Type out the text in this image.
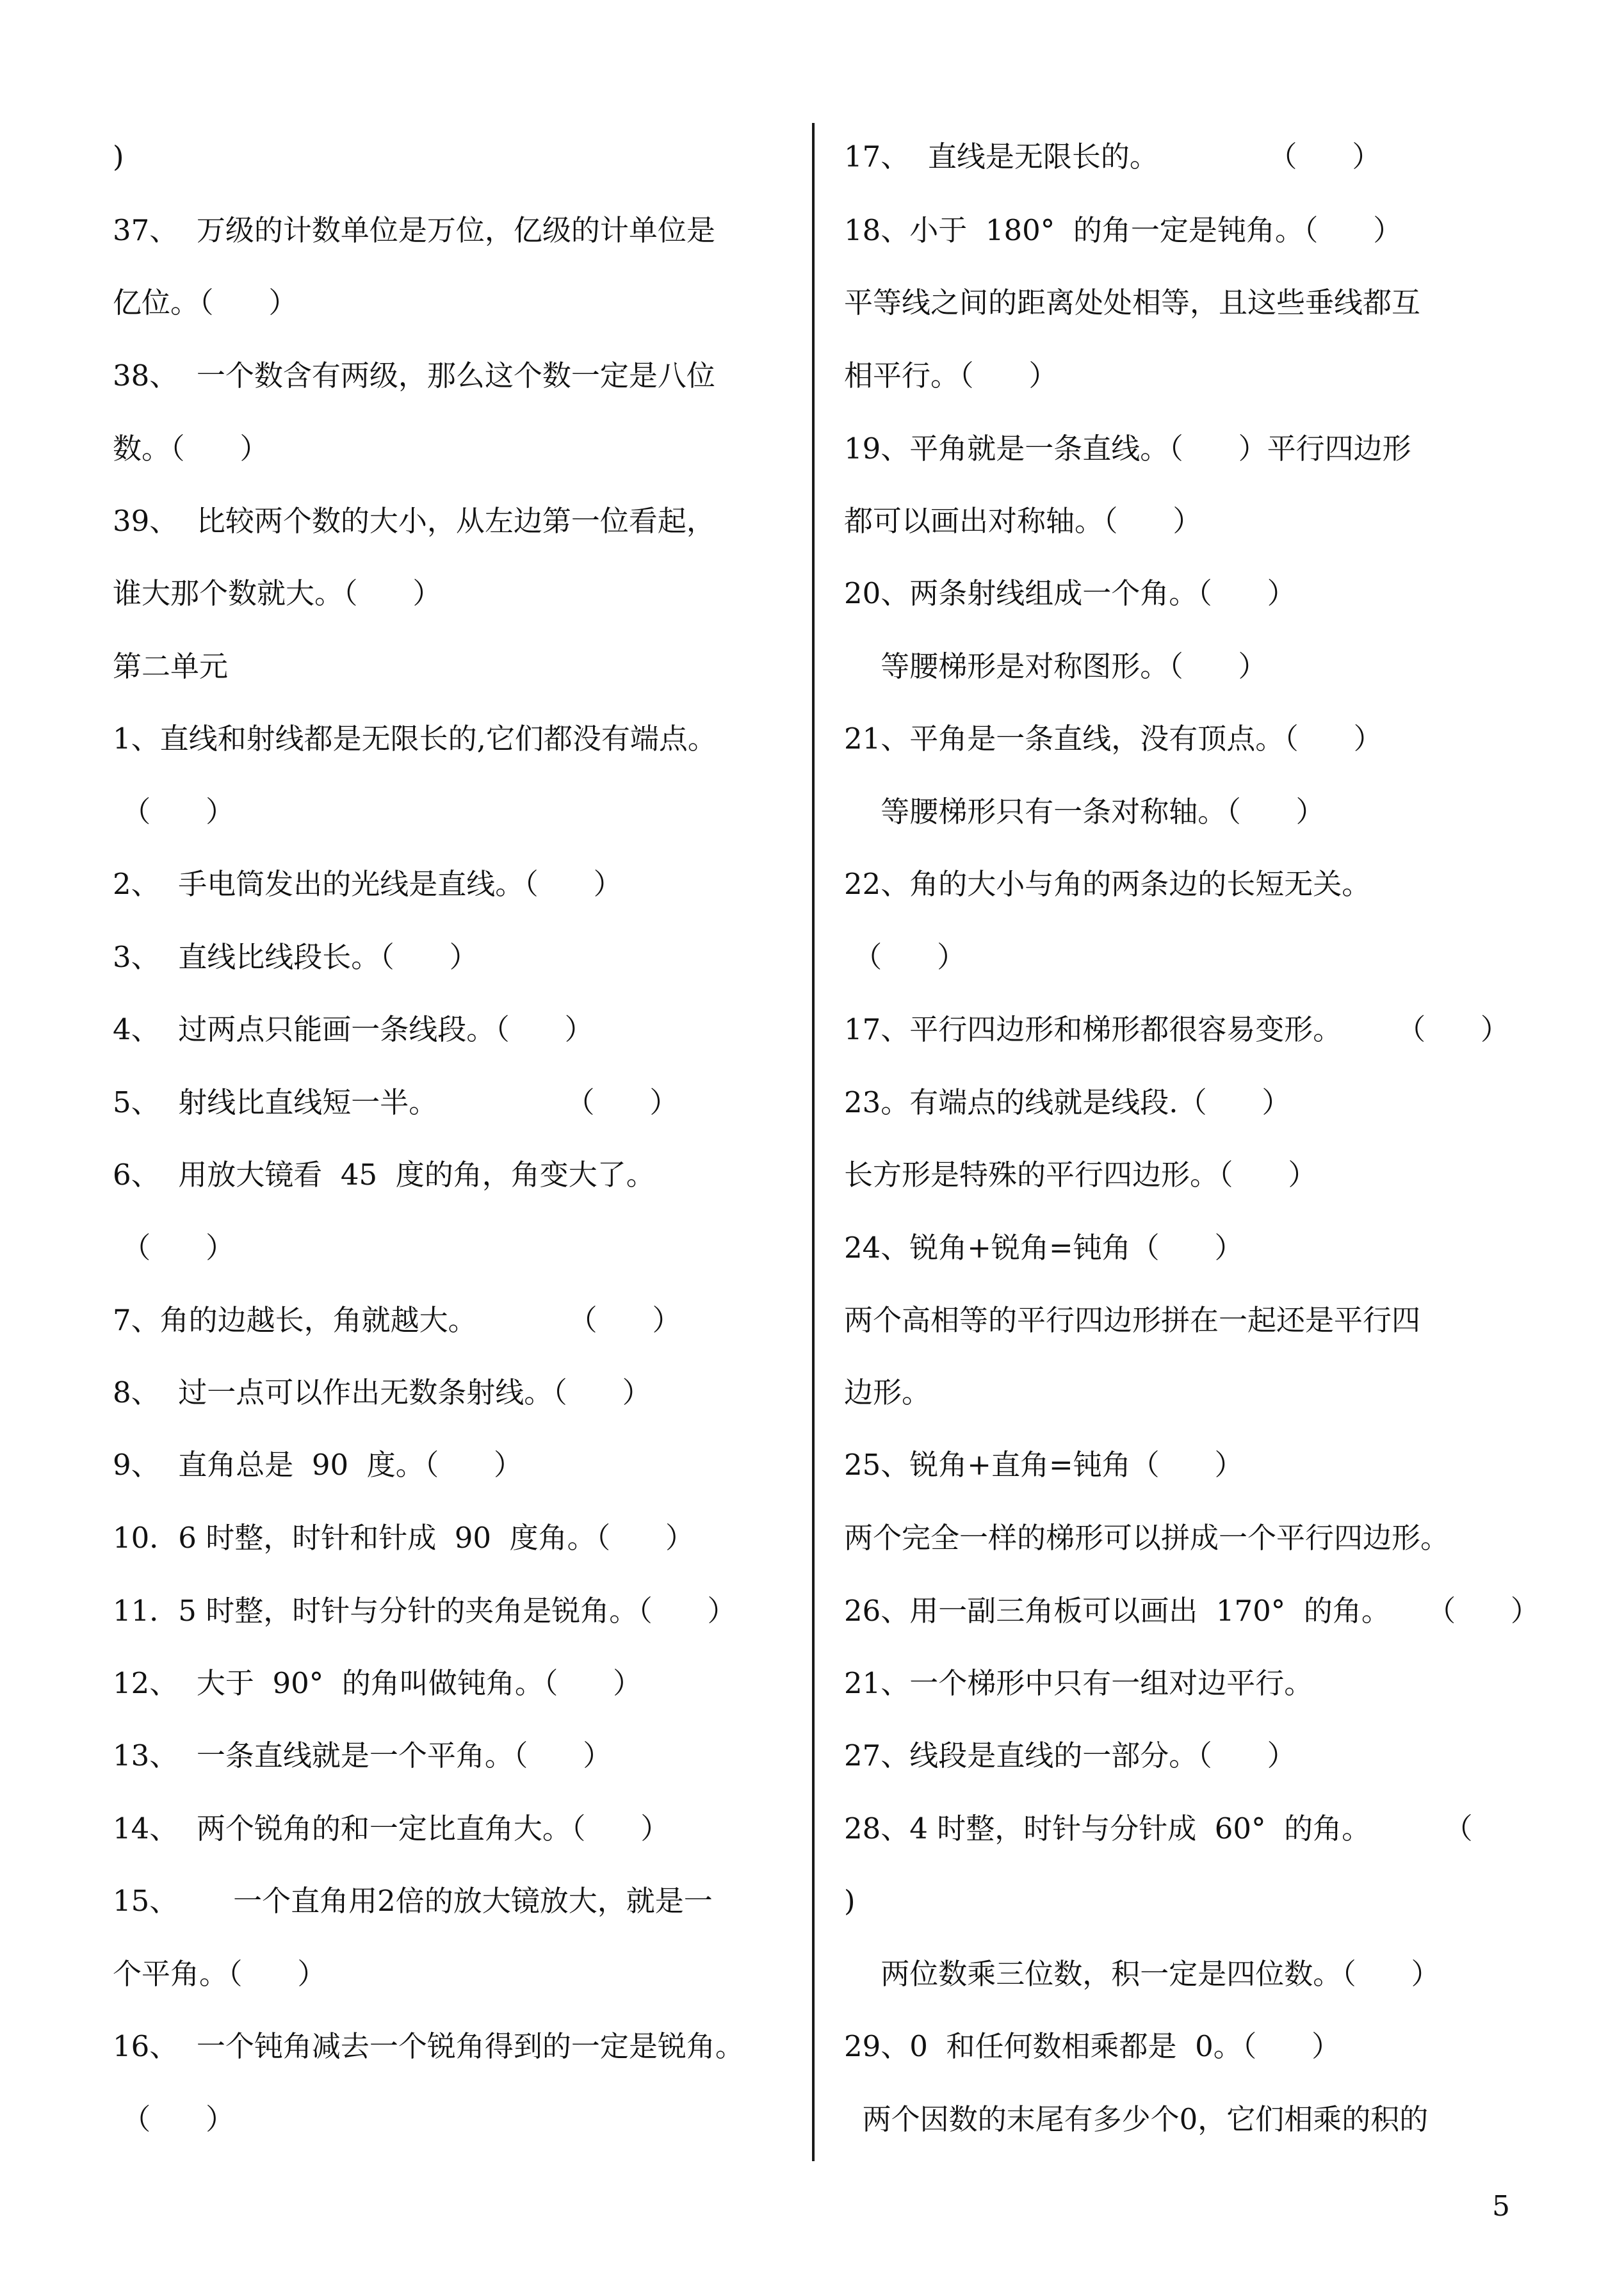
)
37、  万级的计数单位是万位，亿级的计单位是
亿位。（      ）
38、  一个数含有两级，那么这个数一定是八位
数。（      ）
39、  比较两个数的大小，从左边第一位看起，
谁大那个数就大。（      ）
第二单元
1、直线和射线都是无限长的,它们都没有端点。
（      ）
2、  手电筒发出的光线是直线。（      ）
3、  直线比线段长。（      ）
4、  过两点只能画一条线段。（      ）
5、  射线比直线短一半。              （      ）
6、  用放大镜看  45  度的角，角变大了。
（      ）
7、角的边越长，角就越大。          （      ）
8、  过一点可以作出无数条射线。（      ）
9、  直角总是  90  度。（      ）
10．6 时整，时针和针成  90  度角。（      ）
11．5 时整，时针与分针的夹角是锐角。（      ）
12、  大于  90°  的角叫做钝角。（      ）
13、  一条直线就是一个平角。（      ）
14、  两个锐角的和一定比直角大。（      ）
15、      一个直角用2倍的放大镜放大，就是一
个平角。（      ）
16、  一个钝角减去一个锐角得到的一定是锐角。
（      ）
17、  直线是无限长的。            （      ）
18、小于  180°  的角一定是钝角。（      ）
平等线之间的距离处处相等，且这些垂线都互
相平行。（      ）
19、平角就是一条直线。（      ）平行四边形
都可以画出对称轴。（      ）
20、两条射线组成一个角。（      ）
等腰梯形是对称图形。（      ）
21、平角是一条直线，没有顶点。（      ）
等腰梯形只有一条对称轴。（      ）
22、角的大小与角的两条边的长短无关。
（      ）
17、平行四边形和梯形都很容易变形。      （      ）
23。有端点的线就是线段.（      ）
长方形是特殊的平行四边形。（      ）
24、锐角+锐角=钝角（      ）
两个高相等的平行四边形拼在一起还是平行四
边形。
25、锐角+直角=钝角（      ）
两个完全一样的梯形可以拼成一个平行四边形。
26、用一副三角板可以画出  170°  的角。    （      ）
21、一个梯形中只有一组对边平行。
27、线段是直线的一部分。（      ）
28、4 时整，时针与分针成  60°  的角。        （
)
两位数乘三位数，积一定是四位数。（      ）
29、0  和任何数相乘都是  0。（      ）
两个因数的末尾有多少个0，它们相乘的积的
5
